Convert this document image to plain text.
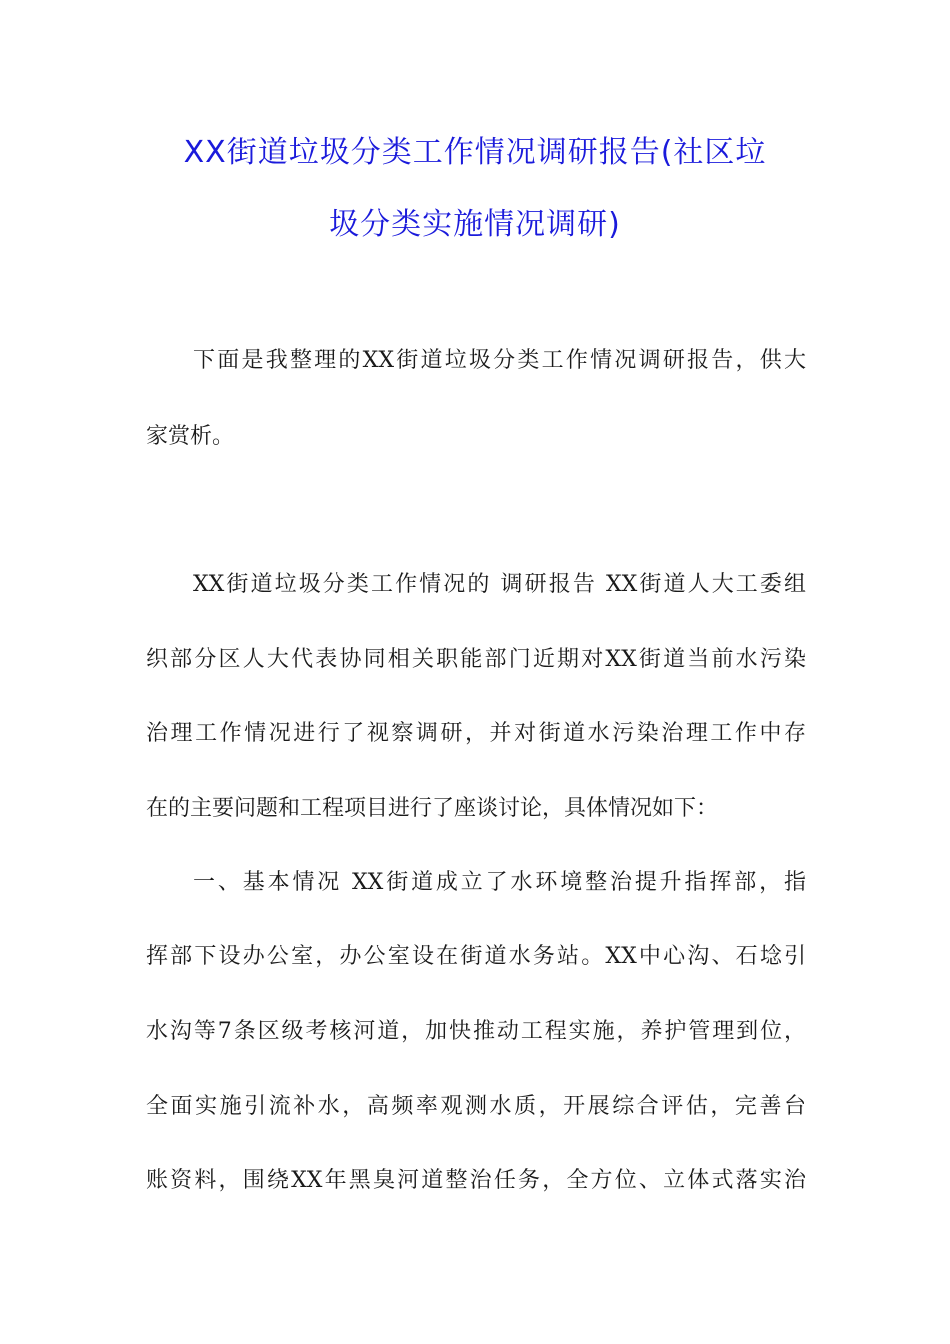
XX街道垃圾分类工作情况调研报告(社区垃
圾分类实施情况调研)
下面是我整理的XX街道垃圾分类工作情况调研报告，供大
家赏析。
XX街道垃圾分类工作情况的 调研报告 XX街道人大工委组
织部分区人大代表协同相关职能部门近期对XX街道当前水污染
治理工作情况进行了视察调研，并对街道水污染治理工作中存
在的主要问题和工程项目进行了座谈讨论，具体情况如下：
一、基本情况 XX街道成立了水环境整治提升指挥部，指
挥部下设办公室，办公室设在街道水务站。XX中心沟、石埝引
水沟等7条区级考核河道，加快推动工程实施，养护管理到位，
全面实施引流补水，高频率观测水质，开展综合评估，完善台
账资料，围绕XX年黑臭河道整治任务，全方位、立体式落实治
